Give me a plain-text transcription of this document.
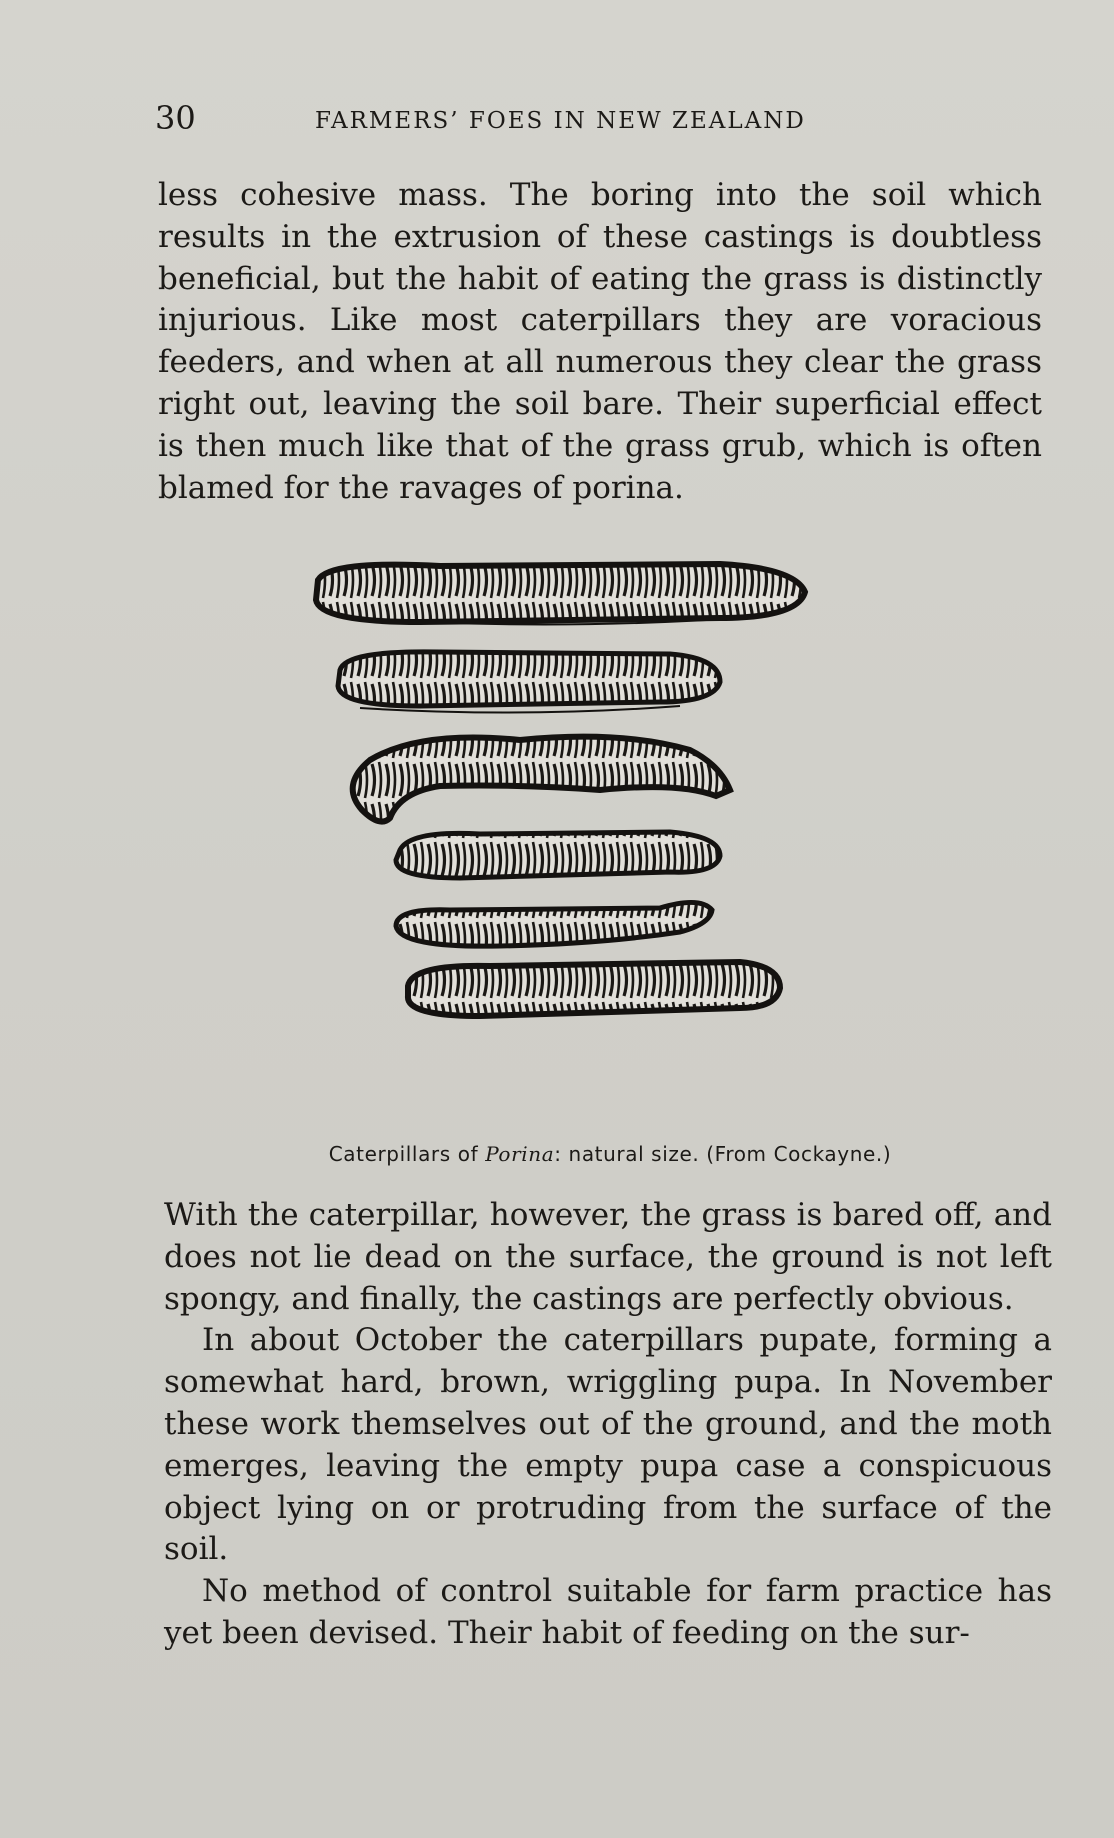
30	FARMERS’ FOES IN NEW ZEALAND

less cohesive mass. The boring into the soil which results in the extrusion of these castings is doubtless beneficial, but the habit of eating the grass is distinctly injurious. Like most caterpillars they are voracious feeders, and when at all numerous they clear the grass right out, leaving the soil bare. Their superficial effect is then much like that of the grass grub, which is often blamed for the ravages of porina.

Caterpillars of Porina: natural size. (From Cockayne.)

With the caterpillar, however, the grass is bared off, and does not lie dead on the surface, the ground is not left spongy, and finally, the castings are perfectly obvious.

In about October the caterpillars pupate, forming a somewhat hard, brown, wriggling pupa. In November these work themselves out of the ground, and the moth emerges, leaving the empty pupa case a conspicuous object lying on or protruding from the surface of the soil.

No method of control suitable for farm practice has yet been devised. Their habit of feeding on the sur-
